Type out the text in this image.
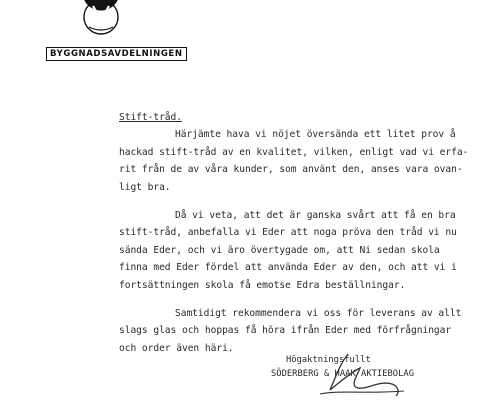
BYGGNADSAVDELNINGEN
Stift-tråd.
Härjämte hava vi nöjet översända ett litet prov å
hackad stift-tråd av en kvalitet, vilken, enligt vad vi erfa-
rit från de av våra kunder, som använt den, anses vara ovan-
ligt bra.
Då vi veta, att det är ganska svårt att få en bra
stift-tråd, anbefalla vi Eder att noga pröva den tråd vi nu
sända Eder, och vi äro övertygade om, att Ni sedan skola
finna med Eder fördel att använda Eder av den, och att vi i
fortsättningen skola få emotse Edra beställningar.
Samtidigt rekommendera vi oss för leverans av allt
slags glas och hoppas få höra ifrån Eder med förfrågningar
och order även häri.
Högaktningsfullt
SÖDERBERG & HAAK AKTIEBOLAG
